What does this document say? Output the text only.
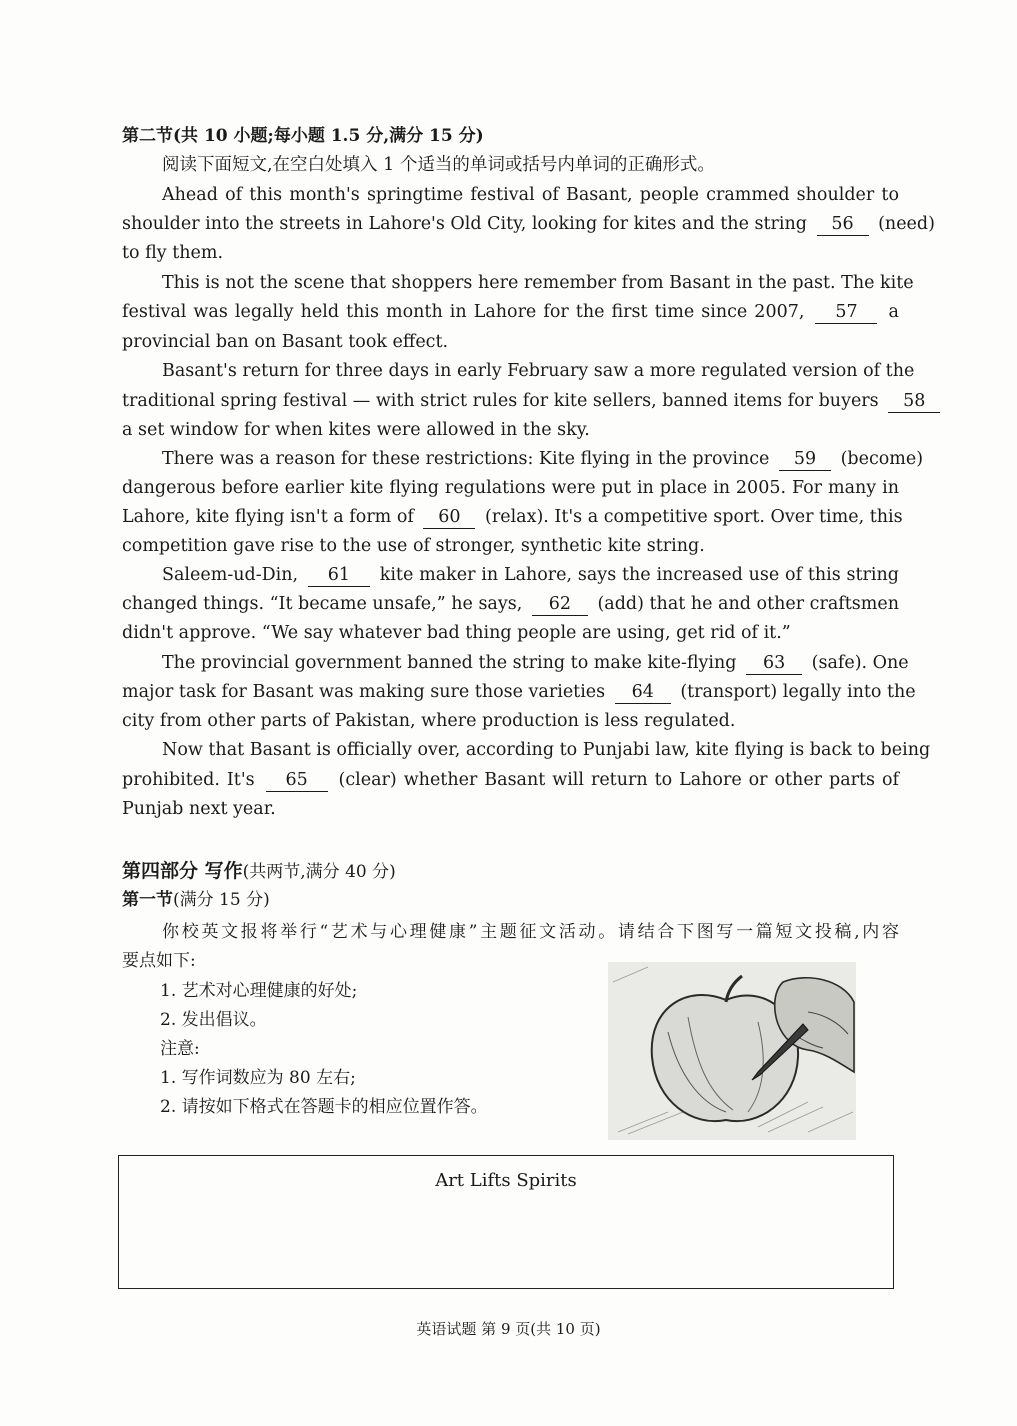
第二节(共 10 小题;每小题 1.5 分,满分 15 分)
阅读下面短文,在空白处填入 1 个适当的单词或括号内单词的正确形式。
Ahead of this month's springtime festival of Basant, people crammed shoulder to
shoulder into the streets in Lahore's Old City, looking for kites and the string 56 (need)
to fly them.
This is not the scene that shoppers here remember from Basant in the past. The kite
festival was legally held this month in Lahore for the first time since 2007, 57 a
provincial ban on Basant took effect.
Basant's return for three days in early February saw a more regulated version of the
traditional spring festival — with strict rules for kite sellers, banned items for buyers 58
a set window for when kites were allowed in the sky.
There was a reason for these restrictions: Kite flying in the province 59 (become)
dangerous before earlier kite flying regulations were put in place in 2005. For many in
Lahore, kite flying isn't a form of 60 (relax). It's a competitive sport. Over time, this
competition gave rise to the use of stronger, synthetic kite string.
Saleem-ud-Din, 61 kite maker in Lahore, says the increased use of this string
changed things. “It became unsafe,” he says, 62 (add) that he and other craftsmen
didn't approve. “We say whatever bad thing people are using, get rid of it.”
The provincial government banned the string to make kite-flying 63 (safe). One
major task for Basant was making sure those varieties 64 (transport) legally into the
city from other parts of Pakistan, where production is less regulated.
Now that Basant is officially over, according to Punjabi law, kite flying is back to being
prohibited. It's 65 (clear) whether Basant will return to Lahore or other parts of
Punjab next year.
第四部分 写作(共两节,满分 40 分)
第一节(满分 15 分)
你校英文报将举行“艺术与心理健康”主题征文活动。请结合下图写一篇短文投稿,内容
要点如下:
1. 艺术对心理健康的好处;
2. 发出倡议。
注意:
1. 写作词数应为 80 左右;
2. 请按如下格式在答题卡的相应位置作答。
Art Lifts Spirits
英语试题 第 9 页(共 10 页)
